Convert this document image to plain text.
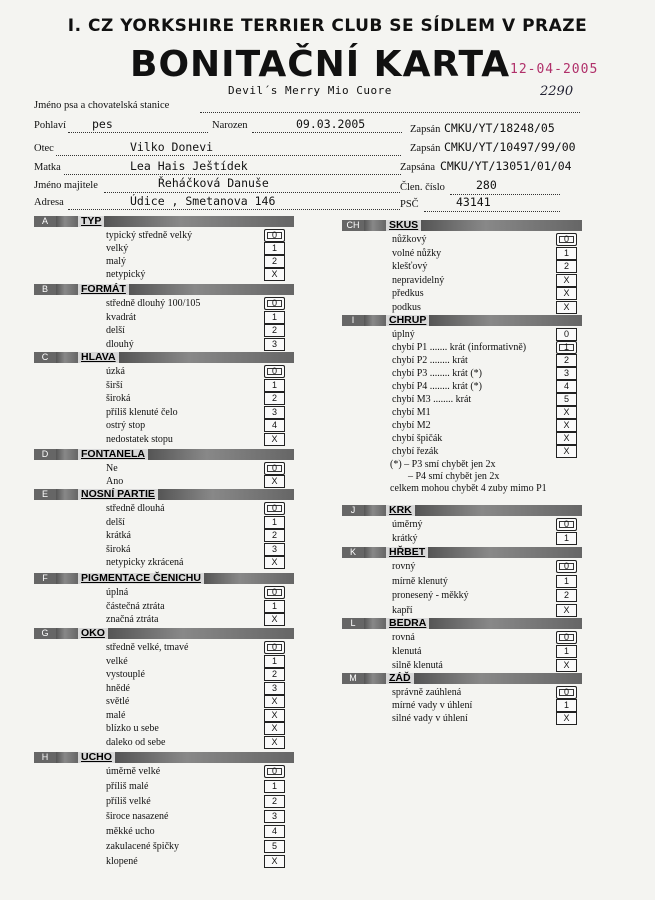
I. CZ YORKSHIRE TERRIER CLUB SE SÍDLEM V PRAZE
BONITAČNÍ KARTA
Devil´s Merry Mio Cuore
12-04-2005
2290
Jméno psa a chovatelská stanice
Pohlaví pes	Narozen	09.03.2005	Zapsán CMKU/YT/18248/05
Otec	Vilko Donevi	Zapsán CMKU/YT/10497/99/00
Matka	Lea Hais Ještídek	Zapsána CMKU/YT/13051/01/04
Jméno majitele	Řeháčková Danuše	Člen. číslo	280
Adresa	Údice , Smetanova 146	PSČ	43141
A	TYP
typický středně velký	0
velký	1
malý	2
netypický	X
B	FORMÁT
středně dlouhý 100/105	0
kvadrát	1
delší	2
dlouhý	3
C	HLAVA
úzká	0
širší	1
široká	2
příliš klenuté čelo	3
ostrý stop	4
nedostatek stopu	X
D	FONTANELA
Ne	0
Ano	X
E	NOSNÍ PARTIE
středně dlouhá	0
delší	1
krátká	2
široká	3
netypicky zkrácená	X
F	PIGMENTACE ČENICHU
úplná	0
částečná ztráta	1
značná ztráta	X
G	OKO
středně velké, tmavé	0
velké	1
vystouplé	2
hnědé	3
světlé	X
malé	X
blízko u sebe	X
daleko od sebe	X
H	UCHO
úměrně velké	0
příliš malé	1
příliš velké	2
široce nasazené	3
měkké ucho	4
zakulacené špičky	5
klopené	X
CH	SKUS
nůžkový	0
volné nůžky	1
klešťový	2
nepravidelný	X
předkus	X
podkus	X
I	CHRUP
úplný	0
chybí P1 ....... krát (informativně)	1
chybí P2 ........ krát	2
chybí P3 ........ krát (*)	3
chybí P4 ........ krát (*)	4
chybí M3 ........ krát	5
chybí M1	X
chybí M2	X
chybí špičák	X
chybí řezák	X
(*) – P3 smí chybět jen 2x
– P4 smí chybět jen 2x
celkem mohou chybět 4 zuby mimo P1
J	KRK
úměrný	0
krátký	1
K	HŘBET
rovný	0
mírně klenutý	1
pronesený - měkký	2
kapří	X
L	BEDRA
rovná	0
klenutá	1
silně klenutá	X
M	ZÁĎ
správně zaúhlená	0
mírné vady v úhlení	1
silné vady v úhlení	X
